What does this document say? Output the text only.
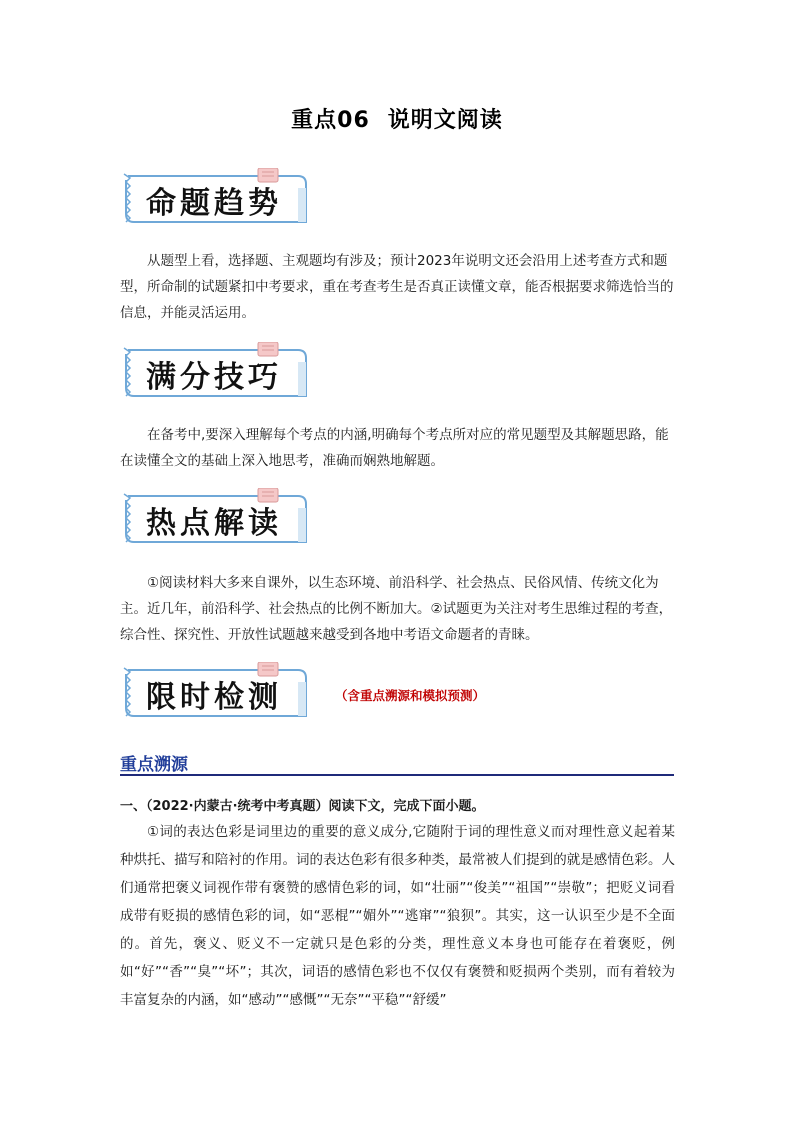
重点06 说明文阅读
命题趋势

从题型上看，选择题、主观题均有涉及；预计2023年说明文还会沿用上述考查方式和题型，所命制的试题紧扣中考要求，重在考查考生是否真正读懂文章，能否根据要求筛选恰当的信息，并能灵活运用。

满分技巧

在备考中,要深入理解每个考点的内涵,明确每个考点所对应的常见题型及其解题思路，能在读懂全文的基础上深入地思考，准确而娴熟地解题。

热点解读

①阅读材料大多来自课外，以生态环境、前沿科学、社会热点、民俗风情、传统文化为主。近几年，前沿科学、社会热点的比例不断加大。②试题更为关注对考生思维过程的考查，综合性、探究性、开放性试题越来越受到各地中考语文命题者的青睐。

限时检测	（含重点溯源和模拟预测）
重点溯源
一、（2022·内蒙古·统考中考真题）阅读下文，完成下面小题。

①词的表达色彩是词里边的重要的意义成分,它随附于词的理性意义而对理性意义起着某种烘托、描写和陪衬的作用。词的表达色彩有很多种类，最常被人们提到的就是感情色彩。人们通常把褒义词视作带有褒赞的感情色彩的词，如“壮丽”“俊美”“祖国”“崇敬”；把贬义词看成带有贬损的感情色彩的词，如“恶棍”“媚外”“逃窜”“狼狈”。其实，这一认识至少是不全面的。首先，褒义、贬义不一定就只是色彩的分类，理性意义本身也可能存在着褒贬，例如“好”“香”“臭”“坏”；其次，词语的感情色彩也不仅仅有褒赞和贬损两个类别，而有着较为丰富复杂的内涵，如“感动”“感慨”“无奈”“平稳”“舒缓”
